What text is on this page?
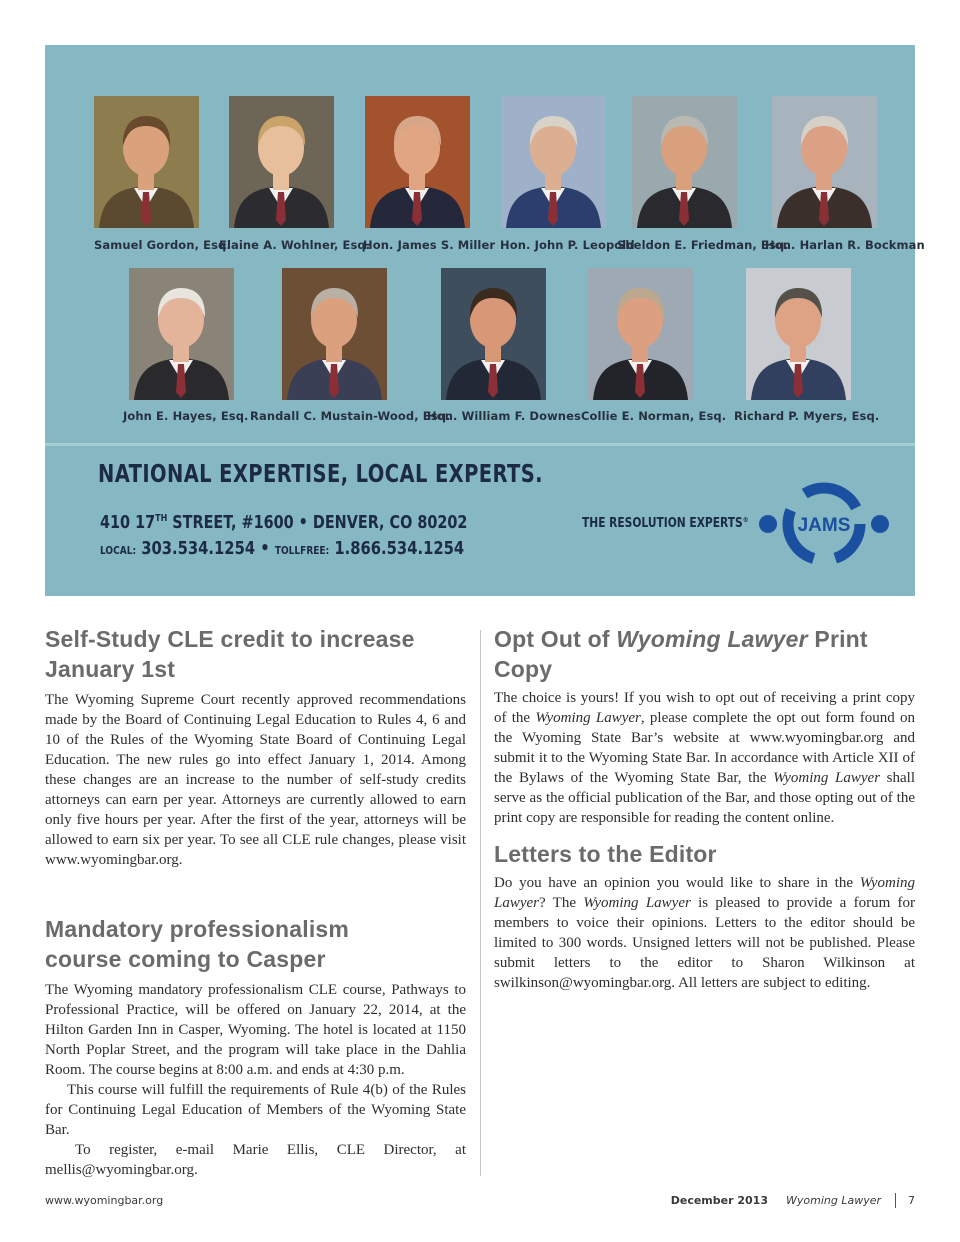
Samuel Gordon, Esq.
Elaine A. Wohlner, Esq.
Hon. James S. Miller Hon. John P. Leopold
Sheldon E. Friedman, Esq.
Hon. Harlan R. Bockman
John E. Hayes, Esq. Randall C. Mustain-Wood, Esq.
Hon. William F. Downes Collie E. Norman, Esq. Richard P. Myers, Esq.
NATIONAL EXPERTISE, LOCAL EXPERTS.
410 17TH STREET, #1600 • DENVER, CO 80202
LOCAL: 303.534.1254 • TOLLFREE: 1.866.534.1254
THE RESOLUTION EXPERTS®	JAMS
Self-Study CLE credit to increase
January 1st

The Wyoming Supreme Court recently approved recommendations made by the Board of Continuing Legal Education to Rules 4, 6 and 10 of the Rules of the Wyoming State Board of Continuing Legal Education. The new rules go into effect January 1, 2014. Among these changes are an increase to the number of self-study credits attorneys can earn per year. Attorneys are currently allowed to earn only five hours per year. After the first of the year, attorneys will be allowed to earn six per year. To see all CLE rule changes, please visit www.wyomingbar.org.

Mandatory professionalism
course coming to Casper

The Wyoming mandatory professionalism CLE course, Pathways to Professional Practice, will be offered on January 22, 2014, at the Hilton Garden Inn in Casper, Wyoming. The hotel is located at 1150 North Poplar Street, and the program will take place in the Dahlia Room. The course begins at 8:00 a.m. and ends at 4:30 p.m.

This course will fulfill the requirements of Rule 4(b) of the Rules for Continuing Legal Education of Members of the Wyoming State Bar.

To register, e-mail Marie Ellis, CLE Director, at mellis@wyomingbar.org.

Opt Out of Wyoming Lawyer Print Copy

The choice is yours! If you wish to opt out of receiving a print copy of the Wyoming Lawyer, please complete the opt out form found on the Wyoming State Bar’s website at www.wyomingbar.org and submit it to the Wyoming State Bar. In accordance with Article XII of the Bylaws of the Wyoming State Bar, the Wyoming Lawyer shall serve as the official publication of the Bar, and those opting out of the print copy are responsible for reading the content online.

Letters to the Editor

Do you have an opinion you would like to share in the Wyoming Lawyer? The Wyoming Lawyer is pleased to provide a forum for members to voice their opinions. Letters to the editor should be limited to 300 words. Unsigned letters will not be published. Please submit letters to the editor to Sharon Wilkinson at swilkinson@wyomingbar.org. All letters are subject to editing.

www.wyomingbar.org	December 2013 Wyoming Lawyer 7
